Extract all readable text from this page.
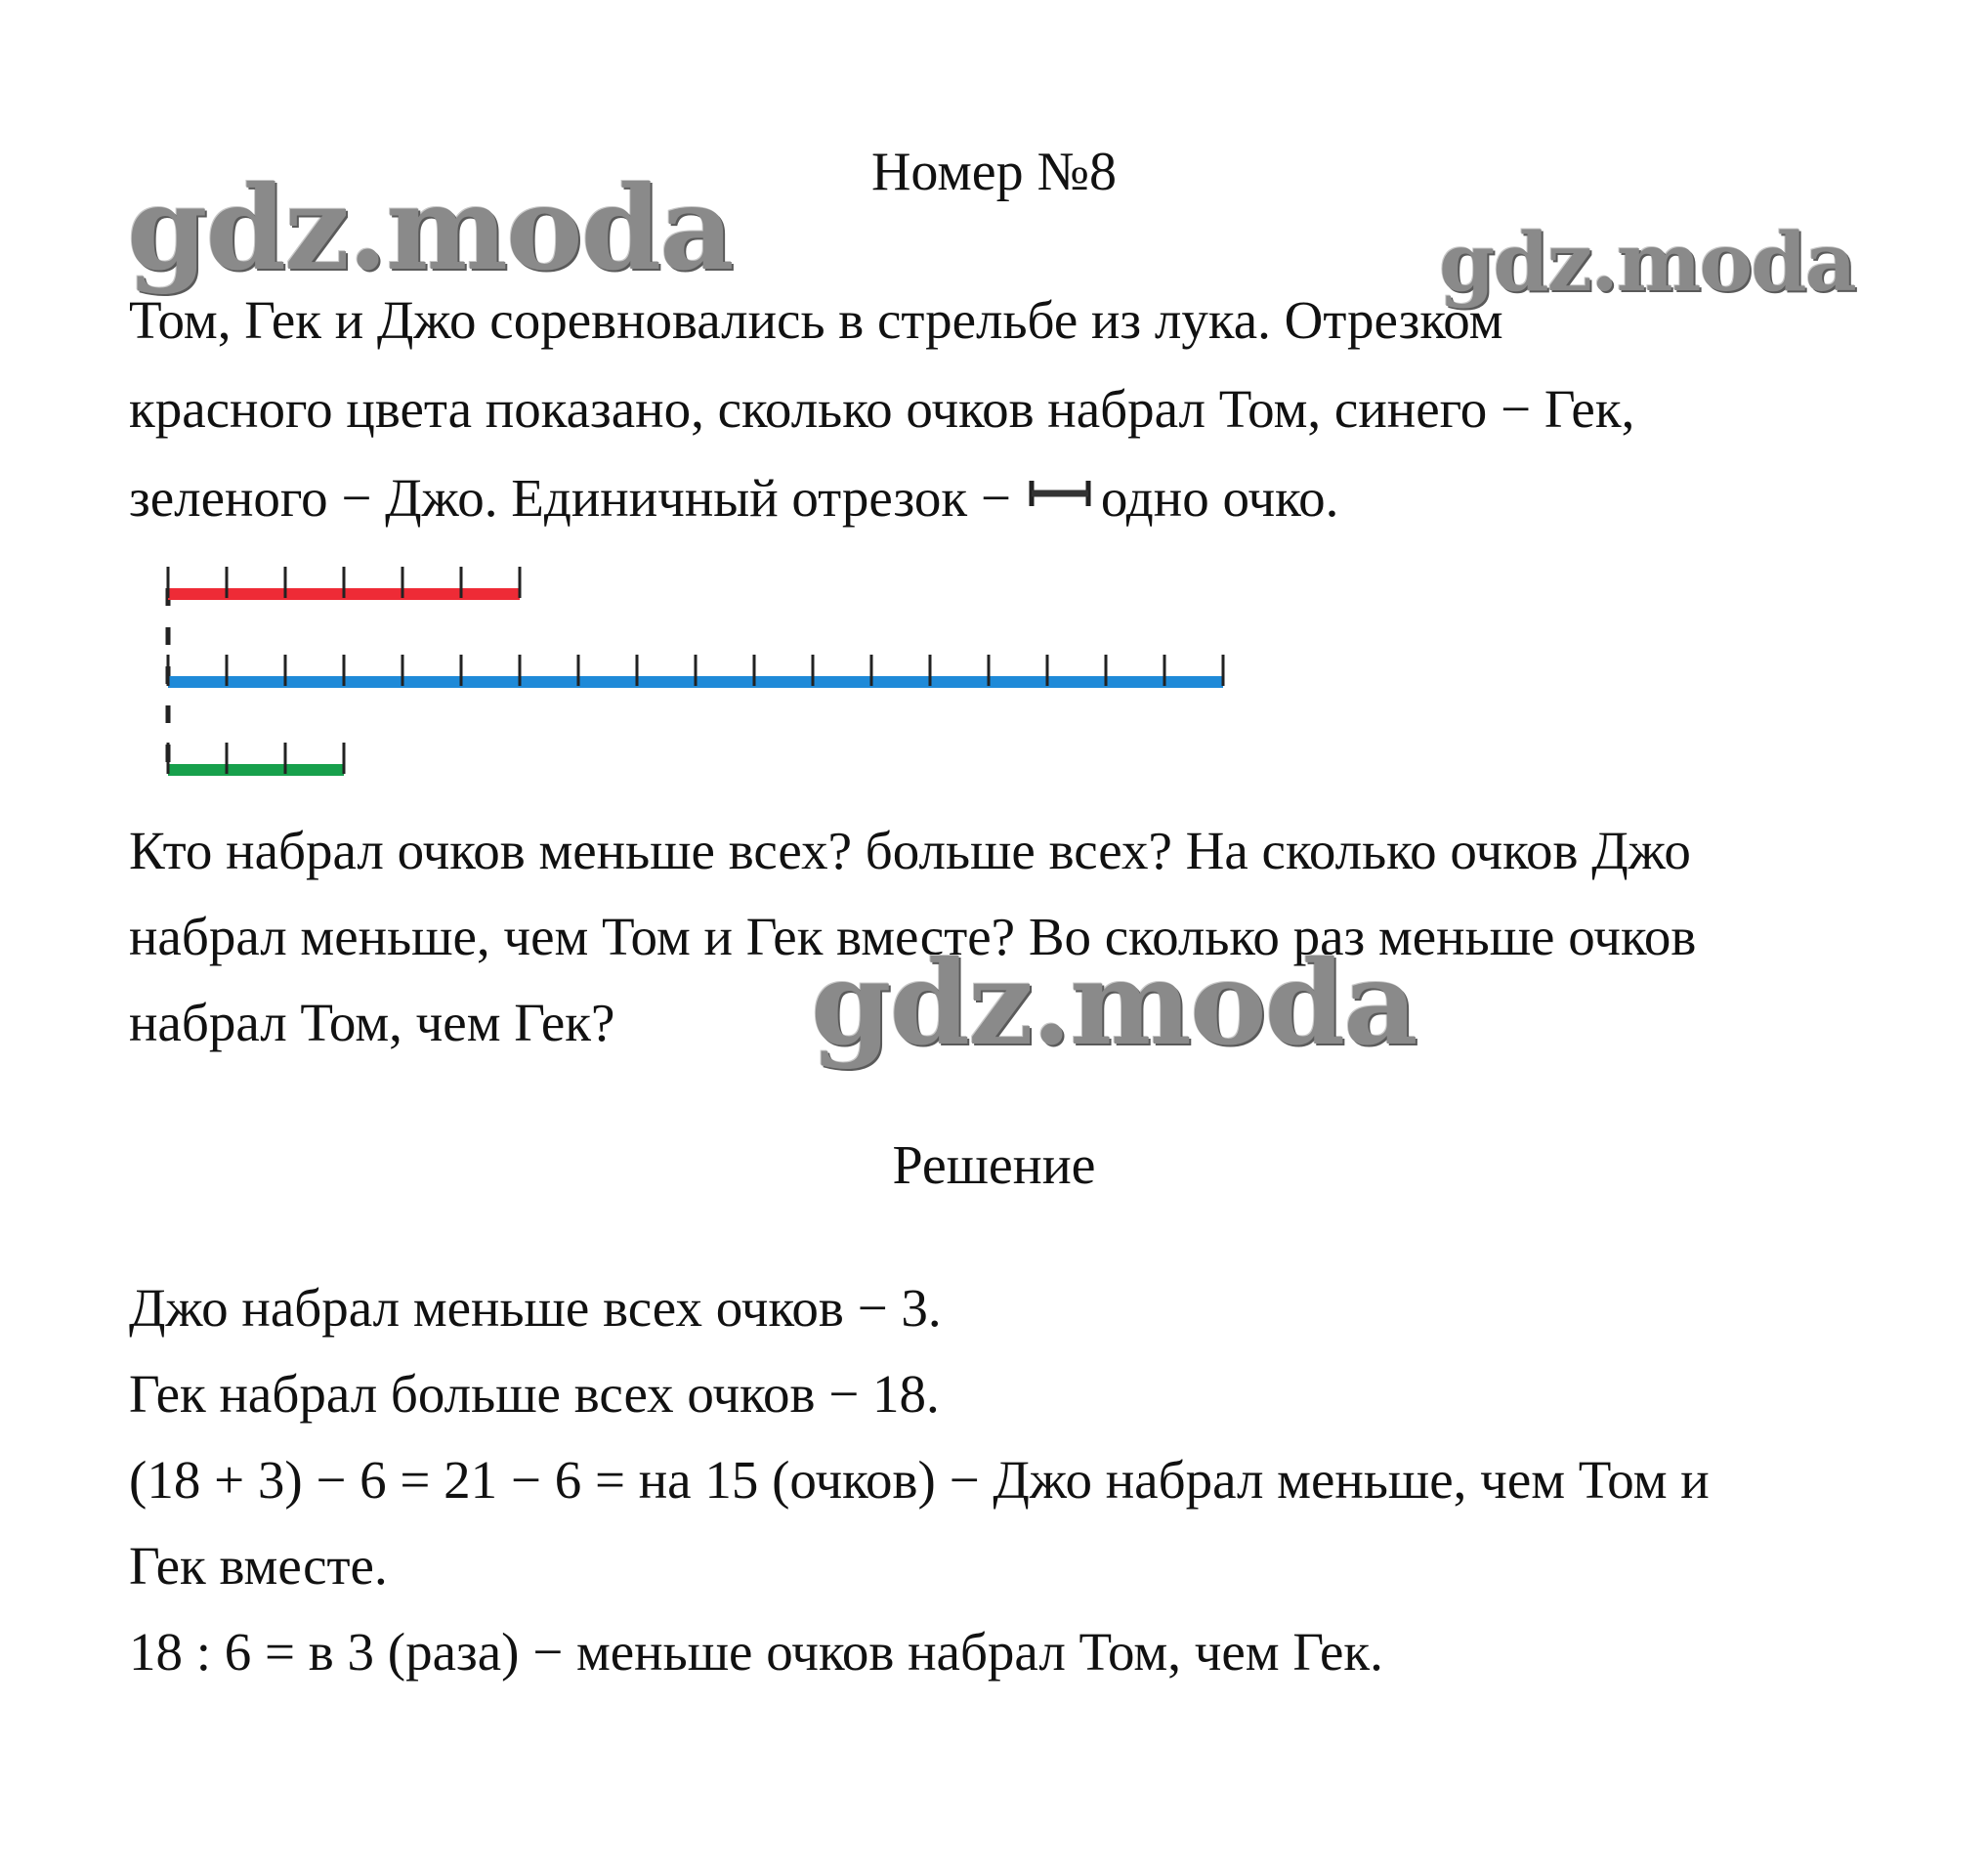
Номер №8
gdz.moda	gdz.moda
Том, Гек и Джо соревновались в стрельбе из лука. Отрезком
красного цвета показано, сколько очков набрал Том, синего − Гек,
зеленого − Джо. Единичный отрезок − одно очко.
Кто набрал очков меньше всех? больше всех? На сколько очков Джо
набрал меньше, чем Том и Гек вместе? Во сколько раз меньше очков
набрал Том, чем Гек?	gdz.moda
Решение
Джо набрал меньше всех очков − 3.
Гек набрал больше всех очков − 18.
(18 + 3) − 6 = 21 − 6 = на 15 (очков) − Джо набрал меньше, чем Том и
Гек вместе.
18 : 6 = в 3 (раза) − меньше очков набрал Том, чем Гек.
